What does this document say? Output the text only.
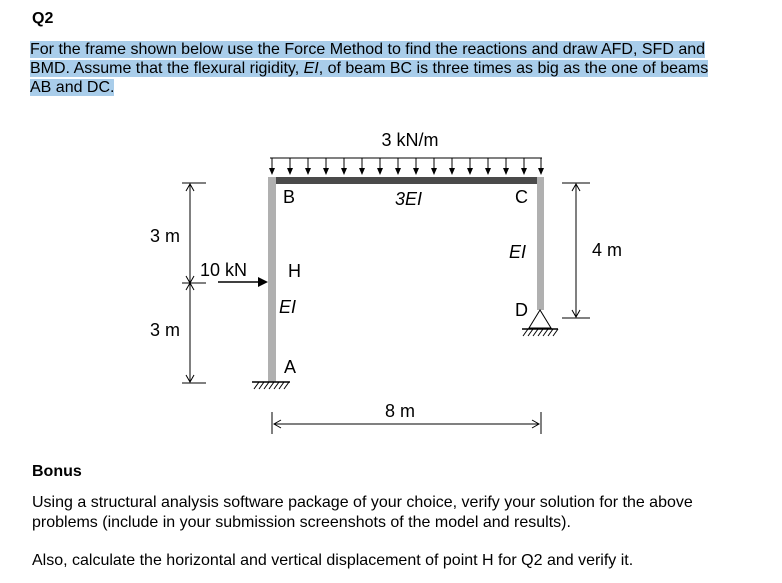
Q2
For the frame shown below use the Force Method to find the reactions and draw AFD, SFD and
BMD. Assume that the flexural rigidity, EI, of beam BC is three times as big as the one of beams
AB and DC.
3 kN/m
10 kN
B	C
H
D
A
3EI
EI
EI
3 m
3 m
4 m
8 m
Bonus
Using a structural analysis software package of your choice, verify your solution for the above problems (include in your submission screenshots of the model and results).
Also, calculate the horizontal and vertical displacement of point H for Q2 and verify it.
